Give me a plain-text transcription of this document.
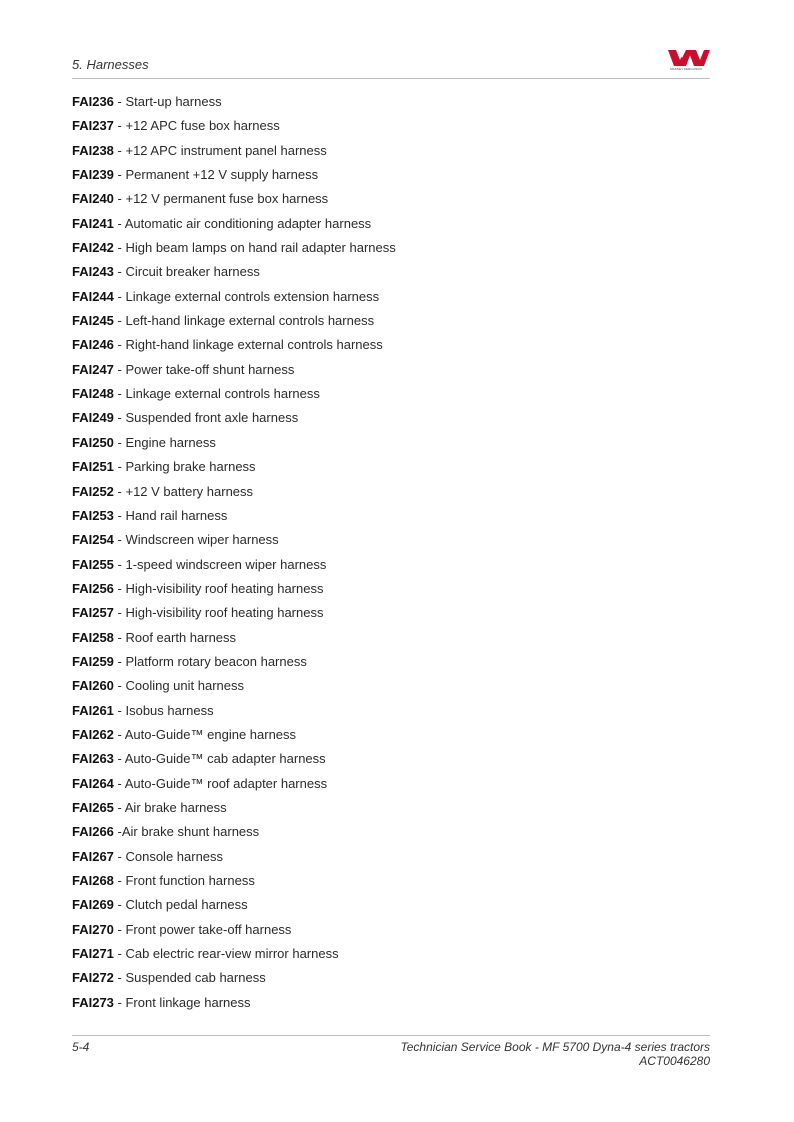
5. Harnesses	MASSEY FERGUSON
FAI236 - Start-up harness
FAI237 - +12 APC fuse box harness
FAI238 - +12 APC instrument panel harness
FAI239 - Permanent +12 V supply harness
FAI240 - +12 V permanent fuse box harness
FAI241 - Automatic air conditioning adapter harness
FAI242 - High beam lamps on hand rail adapter harness
FAI243 - Circuit breaker harness
FAI244 - Linkage external controls extension harness
FAI245 - Left-hand linkage external controls harness
FAI246 - Right-hand linkage external controls harness
FAI247 - Power take-off shunt harness
FAI248 - Linkage external controls harness
FAI249 - Suspended front axle harness
FAI250 - Engine harness
FAI251 - Parking brake harness
FAI252 - +12 V battery harness
FAI253 - Hand rail harness
FAI254 - Windscreen wiper harness
FAI255 - 1-speed windscreen wiper harness
FAI256 - High-visibility roof heating harness
FAI257 - High-visibility roof heating harness
FAI258 - Roof earth harness
FAI259 - Platform rotary beacon harness
FAI260 - Cooling unit harness
FAI261 - Isobus harness
FAI262 - Auto-Guide™ engine harness
FAI263 - Auto-Guide™ cab adapter harness
FAI264 - Auto-Guide™ roof adapter harness
FAI265 - Air brake harness
FAI266 -Air brake shunt harness
FAI267 - Console harness
FAI268 - Front function harness
FAI269 - Clutch pedal harness
FAI270 - Front power take-off harness
FAI271 - Cab electric rear-view mirror harness
FAI272 - Suspended cab harness
FAI273 - Front linkage harness
5-4	Technician Service Book - MF 5700 Dyna-4 series tractors
ACT0046280
